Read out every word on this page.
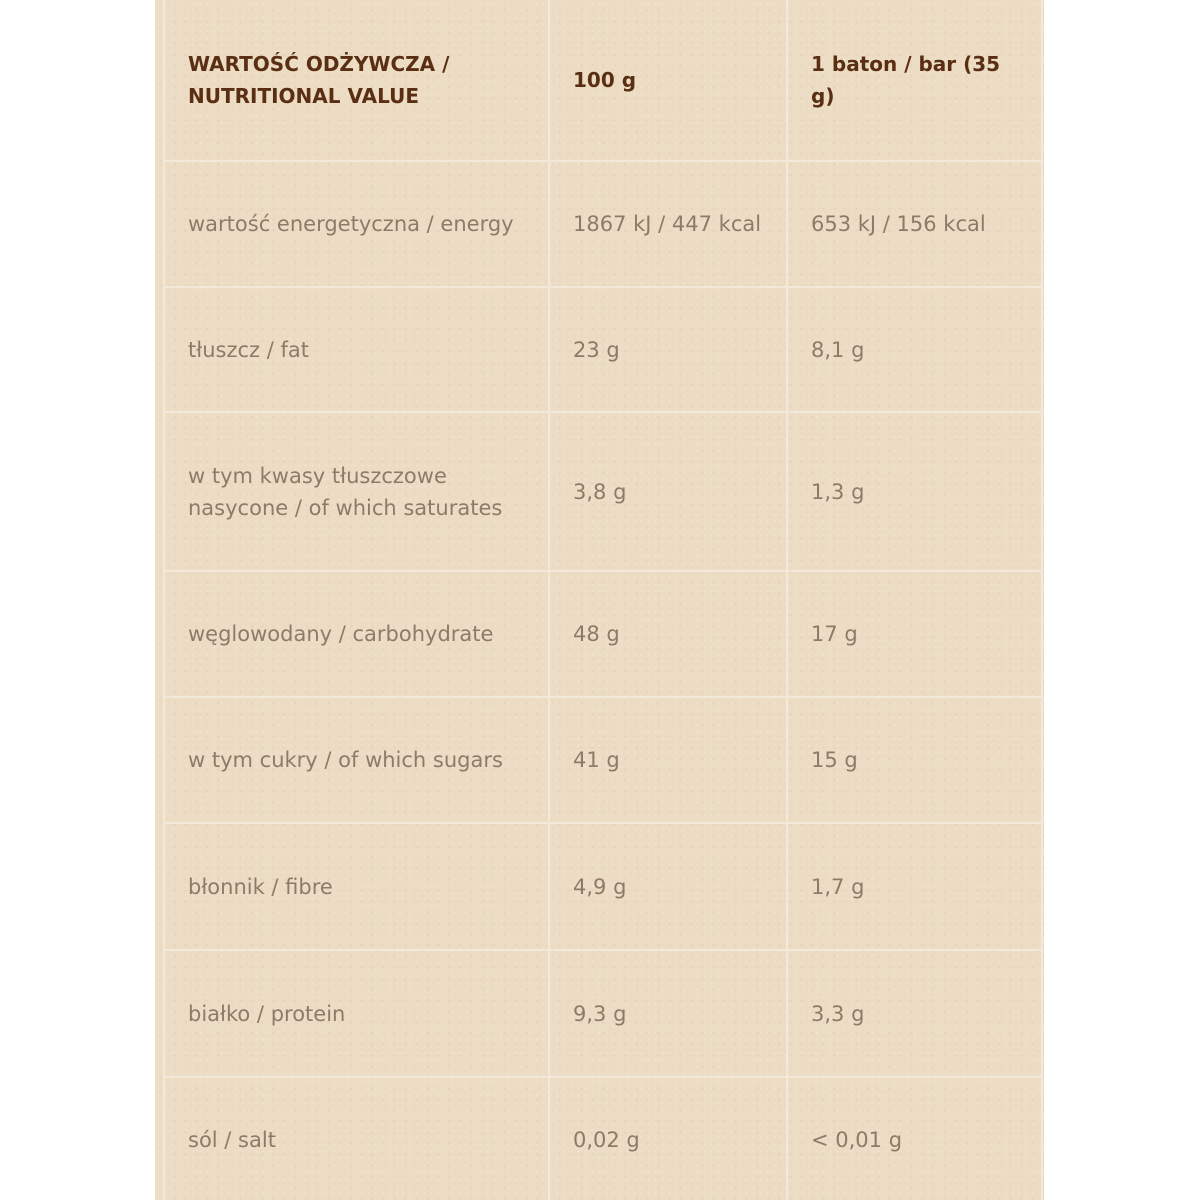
WARTOŚĆ ODŻYWCZA / NUTRITIONAL VALUE	100 g	1 baton / bar (35 g)
wartość energetyczna / energy	1867 kJ / 447 kcal	653 kJ / 156 kcal
tłuszcz / fat	23 g	8,1 g
w tym kwasy tłuszczowe nasycone / of which saturates	3,8 g	1,3 g
węglowodany / carbohydrate	48 g	17 g
w tym cukry / of which sugars	41 g	15 g
błonnik / fibre	4,9 g	1,7 g
białko / protein	9,3 g	3,3 g
sól / salt	0,02 g	< 0,01 g
